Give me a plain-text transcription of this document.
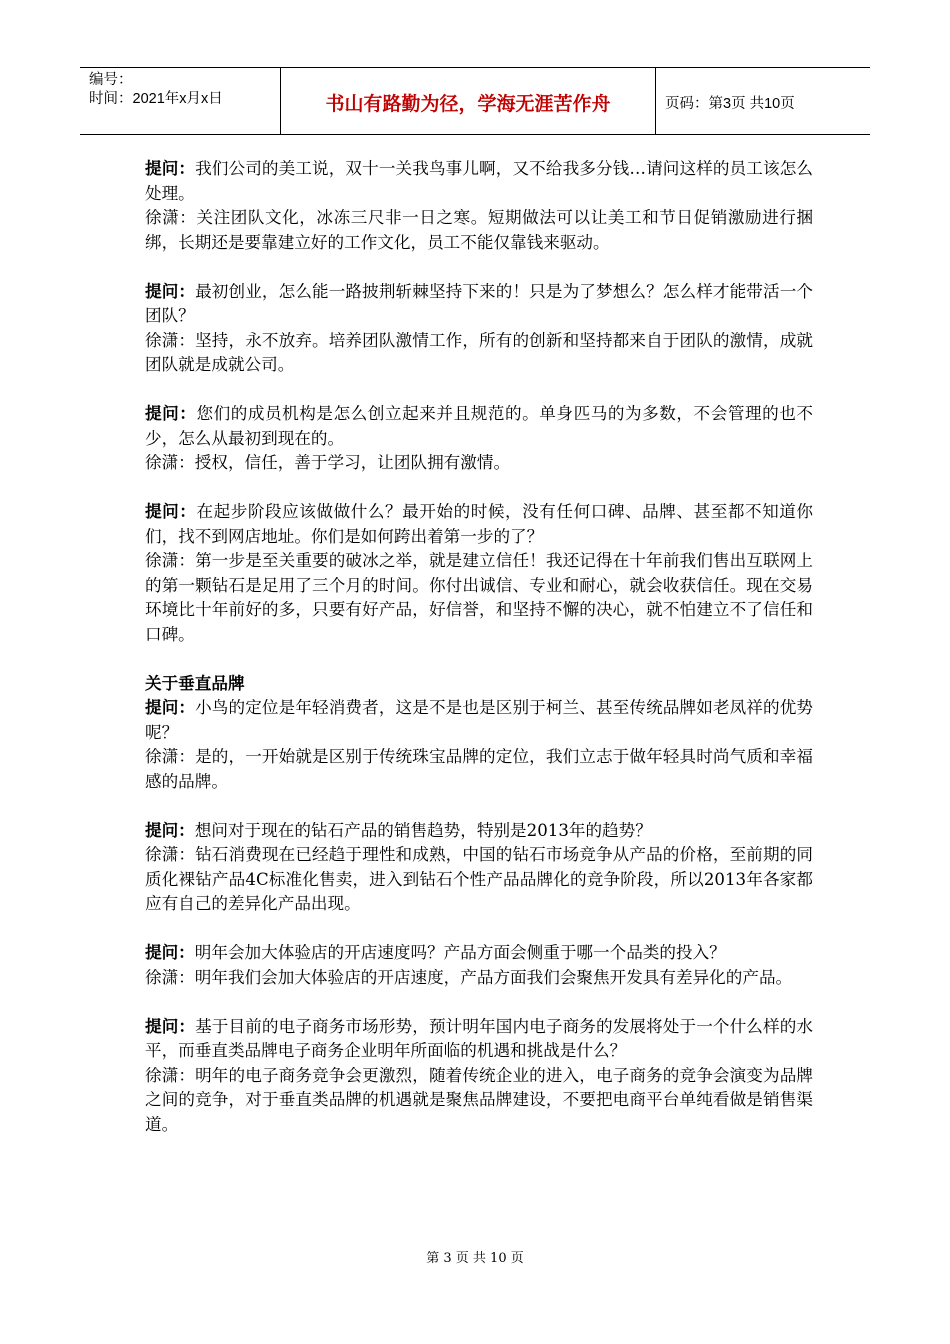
编号：
时间：2021年x月x日	书山有路勤为径，学海无涯苦作舟	页码：第3页 共10页

提问：我们公司的美工说，双十一关我鸟事儿啊，又不给我多分钱…请问这样的员工该怎么处理。

徐潇：关注团队文化，冰冻三尺非一日之寒。短期做法可以让美工和节日促销激励进行捆绑，长期还是要靠建立好的工作文化，员工不能仅靠钱来驱动。

提问：最初创业，怎么能一路披荆斩棘坚持下来的！只是为了梦想么？怎么样才能带活一个团队？

徐潇：坚持，永不放弃。培养团队激情工作，所有的创新和坚持都来自于团队的激情，成就团队就是成就公司。

提问：您们的成员机构是怎么创立起来并且规范的。单身匹马的为多数，不会管理的也不少，怎么从最初到现在的。

徐潇：授权，信任，善于学习，让团队拥有激情。

提问：在起步阶段应该做做什么？最开始的时候，没有任何口碑、品牌、甚至都不知道你们，找不到网店地址。你们是如何跨出着第一步的了？

徐潇：第一步是至关重要的破冰之举，就是建立信任！我还记得在十年前我们售出互联网上的第一颗钻石是足用了三个月的时间。你付出诚信、专业和耐心，就会收获信任。现在交易环境比十年前好的多，只要有好产品，好信誉，和坚持不懈的决心，就不怕建立不了信任和口碑。

关于垂直品牌

提问：小鸟的定位是年轻消费者，这是不是也是区别于柯兰、甚至传统品牌如老凤祥的优势呢？

徐潇：是的，一开始就是区别于传统珠宝品牌的定位，我们立志于做年轻具时尚气质和幸福感的品牌。

提问：想问对于现在的钻石产品的销售趋势，特别是2013年的趋势？

徐潇：钻石消费现在已经趋于理性和成熟，中国的钻石市场竞争从产品的价格，至前期的同质化裸钻产品4C标准化售卖，进入到钻石个性产品品牌化的竞争阶段，所以2013年各家都应有自己的差异化产品出现。

提问：明年会加大体验店的开店速度吗？产品方面会侧重于哪一个品类的投入？

徐潇：明年我们会加大体验店的开店速度，产品方面我们会聚焦开发具有差异化的产品。

提问：基于目前的电子商务市场形势，预计明年国内电子商务的发展将处于一个什么样的水平，而垂直类品牌电子商务企业明年所面临的机遇和挑战是什么？

徐潇：明年的电子商务竞争会更激烈，随着传统企业的进入，电子商务的竞争会演变为品牌之间的竞争，对于垂直类品牌的机遇就是聚焦品牌建设，不要把电商平台单纯看做是销售渠道。

第 3 页 共 10 页
